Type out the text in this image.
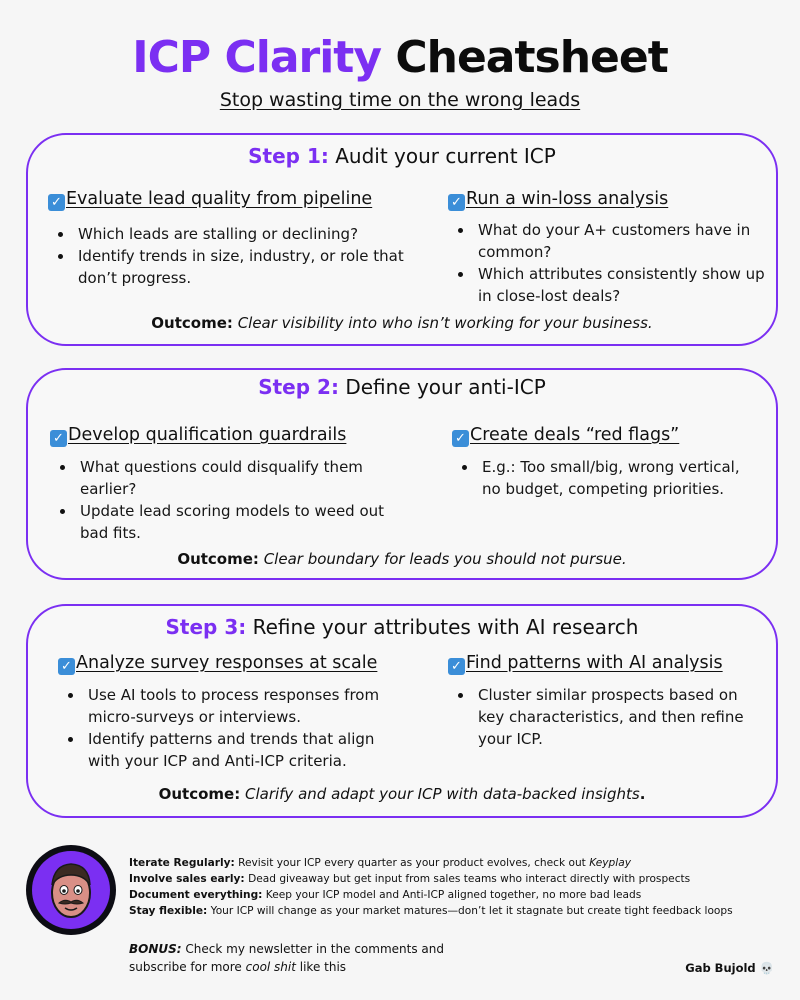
ICP Clarity Cheatsheet
Stop wasting time on the wrong leads
Step 1: Audit your current ICP
✓ Evaluate lead quality from pipeline
Which leads are stalling or declining?
Identify trends in size, industry, or role that don’t progress.
✓ Run a win-loss analysis
What do your A+ customers have in common?
Which attributes consistently show up in close-lost deals?
Outcome: Clear visibility into who isn’t working for your business.
Step 2: Define your anti-ICP
✓ Develop qualification guardrails
What questions could disqualify them earlier?
Update lead scoring models to weed out bad fits.
✓ Create deals “red flags”
E.g.: Too small/big, wrong vertical, no budget, competing priorities.
Outcome: Clear boundary for leads you should not pursue.
Step 3: Refine your attributes with AI research
✓ Analyze survey responses at scale
Use AI tools to process responses from micro-surveys or interviews.
Identify patterns and trends that align with your ICP and Anti-ICP criteria.
✓ Find patterns with AI analysis
Cluster similar prospects based on key characteristics, and then refine your ICP.
Outcome: Clarify and adapt your ICP with data-backed insights.
Iterate Regularly: Revisit your ICP every quarter as your product evolves, check out Keyplay
Involve sales early: Dead giveaway but get input from sales teams who interact directly with prospects
Document everything: Keep your ICP model and Anti-ICP aligned together, no more bad leads
Stay flexible: Your ICP will change as your market matures—don’t let it stagnate but create tight feedback loops
BONUS: Check my newsletter in the comments and
subscribe for more cool shit like this	Gab Bujold 💀
